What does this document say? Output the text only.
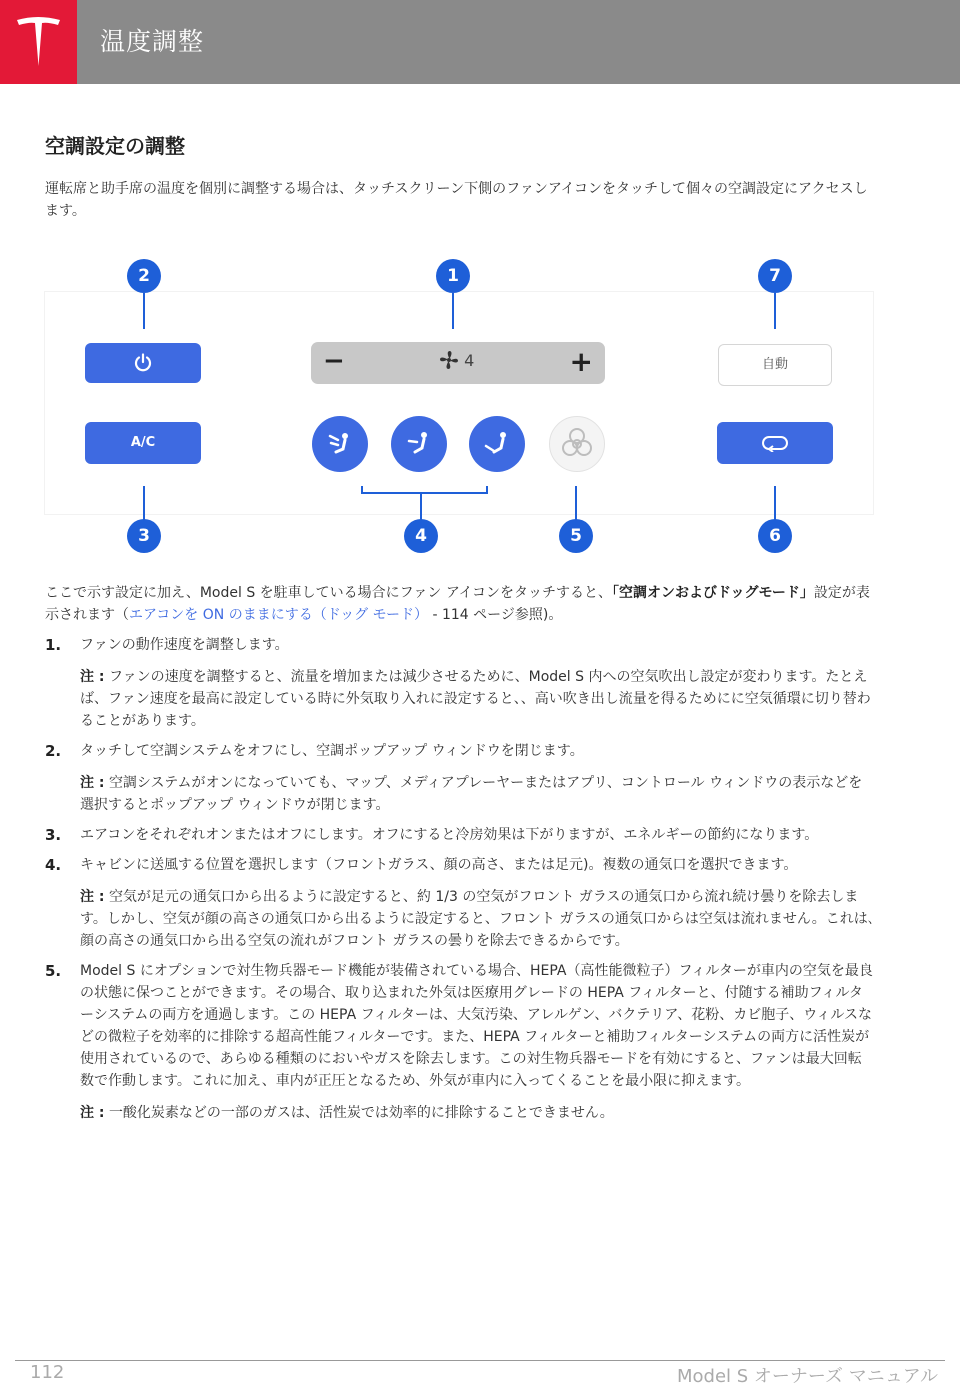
温度調整
空調設定の調整
運転席と助手席の温度を個別に調整する場合は、タッチスクリーン下側のファンアイコンをタッチして個々の空調設定にアクセスします。
2	1	7
−	4	+	自動
A/C
3	4	5	6

ここで示す設定に加え、Model S を駐車している場合にファン アイコンをタッチすると、「空調オンおよびドッグモード」設定が表示されます（エアコンを ON のままにする（ドッグ モード） - 114 ページ参照)。

1. ファンの動作速度を調整します。
注 : ファンの速度を調整すると、流量を増加または減少させるために、Model S 内への空気吹出し設定が変わります。たとえば、ファン速度を最高に設定している時に外気取り入れに設定すると、、高い吹き出し流量を得るためにに空気循環に切り替わることがあります。
2. タッチして空調システムをオフにし、空調ポップアップ ウィンドウを閉じます。
注 : 空調システムがオンになっていても、マップ、メディアプレーヤーまたはアプリ、コントロール ウィンドウの表示などを選択するとポップアップ ウィンドウが閉じます。
3. エアコンをそれぞれオンまたはオフにします。オフにすると冷房効果は下がりますが、エネルギーの節約になります。
4. キャビンに送風する位置を選択します（フロントガラス、顔の高さ、または足元)。複数の通気口を選択できます。
注 : 空気が足元の通気口から出るように設定すると、約 1/3 の空気がフロント ガラスの通気口から流れ続け曇りを除去します。しかし、空気が顔の高さの通気口から出るように設定すると、フロント ガラスの通気口からは空気は流れません。これは､顔の高さの通気口から出る空気の流れがフロント ガラスの曇りを除去できるからです。
5. Model S にオプションで対生物兵器モード機能が装備されている場合、HEPA（高性能微粒子）フィルターが車内の空気を最良の状態に保つことができます。その場合、取り込まれた外気は医療用グレードの HEPA フィルターと、付随する補助フィルターシステムの両方を通過します。この HEPA フィルターは、大気汚染、アレルゲン、バクテリア、花粉、カビ胞子、ウィルスなどの微粒子を効率的に排除する超高性能フィルターです。また、HEPA フィルターと補助フィルターシステムの両方に活性炭が使用されているので、あらゆる種類のにおいやガスを除去します。この対生物兵器モードを有効にすると、ファンは最大回転数で作動します。これに加え、車内が正圧となるため、外気が車内に入ってくることを最小限に抑えます。
注 : 一酸化炭素などの一部のガスは、活性炭では効率的に排除することできません。
112	Model S オーナーズ マニュアル
